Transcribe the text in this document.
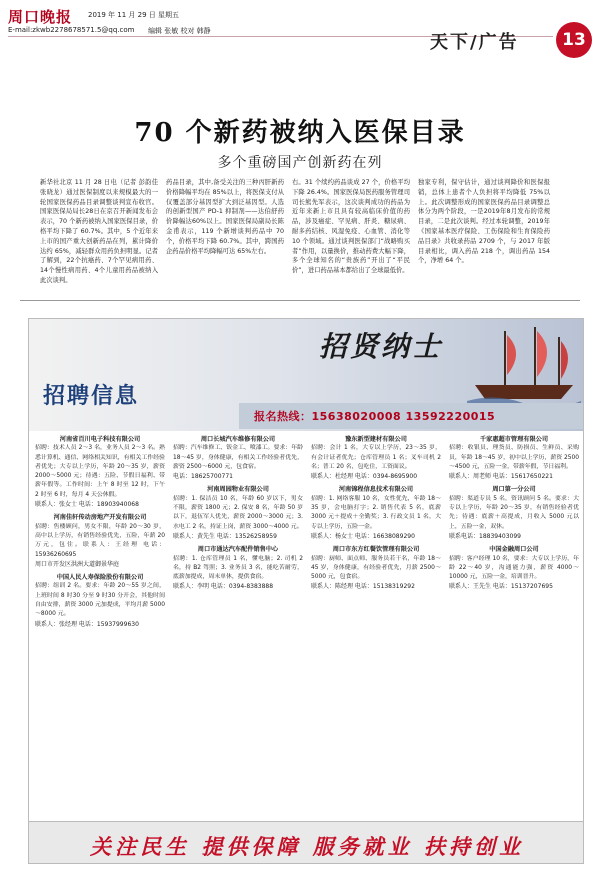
周口晚报 2019 年 11 月 29 日 星期五
E-mail:zkwb2278678571.5@qq.com 编辑 张敏 校对 韩静
天下/广告	13
70 个新药被纳入医保目录
多个重磅国产创新药在列
新华社北京 11 月 28 日电（记者 彭韵佳 张晓龙）通过医保制度以来规模最大的一轮国家医保药品目录调整谈判宣布收官。国家医保局局长28日在京召开新闻发布会表示，70 个新药被纳入国家医保目录，价格平均下降了 60.7%。其中，5 个近年来上市的国产重大创新药品在列，累计降价达约 65%，减轻群众用药负担明显。记者了解到，22个抗癌药、7个罕见病用药、14个慢性病用药、4个儿童用药品被纳入此次谈判。
药品目录，其中,备受关注的三种丙肝新药价格降幅平均在 85%以上，将医保支付从仅覆盖部分基因型扩大到泛基因型。人选的创新型国产 PD-1 抑制剂——达伯舒药价降幅达60%以上。国家医保局副局长陈金甫表示，119 个新增谈判药品中 70 个，价格平均下降 60.7%。其中，跨国药企药品价格平均降幅可达 65%左右。
右。31 个续约药品谈成 27 个，价格平均下降 26.4%。国家医保局医药服务管理司司长熊先军表示，这次谈判成功的药品为近年来新上市且具有较高临床价值的药品，涉及癌症、罕见病、肝炎、糖尿病、耐多药结核、风湿免疫、心血管、消化等 10 个领域。通过谈判医保部门“战略购买者”作用，以量换价，推动药费大幅下降，多个全球知名的“贵族药”开出了“平民价”，进口药品基本都给出了全球最低价。
独家专利，保守估计，通过谈判降价和医保报销，总体上患者个人负担将平均降低 75%以上。此次调整形成的国家医保药品目录调整总体分为两个阶段，一是2019年8月发布的常规目录，二是此次谈判。经过本轮调整，2019年《国家基本医疗保险、工伤保险和生育保险药品目录》共收录药品 2709 个，与 2017 年版目录相比，调入药品 218 个，调出药品 154 个，净增 64 个。
招贤纳士
招聘信息
报名热线：15638020008 13592220015
河南省百川电子科技有限公司
招聘：技术人员 2～3 名，业务人员 2～3 名。熟悉计算机、通信、网络相关知识，有相关工作经验者优先；大专以上学历，年龄 20～35 岁，薪资 2000～5000 元；待遇：五险、节假日福利、带薪年假等。工作时间：上午 8 时至 12 时，下午 2 时至 6 时，每月 4 天公休假。
联系人：张女士 电话：18903940068
河南佳轩传动房地产开发有限公司
招聘：售楼顾问，男女不限，年龄 20～30 岁，高中以上学历，有销售经验优先，五险，年薪 20 万元，包住。联系人：王经理 电话：15936260695
周口市开发区洪洲大道御景华庭
中国人民人寿保险股份有限公司
招聘：组训 2 名。要求：年龄 20～55 岁之间，上班时间 8 时30 分至 9 时30 分开会，其他时间自由安排，薪资 3000 元加提成，平均月薪 5000～8000 元。
联系人：张经理 电话：15937999630
周口长城汽车维修有限公司
招聘：汽车维修工、钣金工、喷漆工。要求：年龄 18～45 岁，身体健康，有相关工作经验者优先，薪资 2500～6000 元，包食宿。
电话：18625700771
河南周园物业有限公司
招聘：1. 保洁员 10 名，年龄 60 岁以下，男女不限，薪资 1800 元；2. 保安 8 名，年龄 50 岁以下，退伍军人优先，薪资 2000～3000 元；3. 水电工 2 名，持证上岗，薪资 3000～4000 元。
联系人：黄先生 电话：13526258959
周口市通达汽车配件销售中心
招聘：1. 仓库管理员 1 名，懂电脑；2. 司机 2 名，持 B2 驾照；3. 业务员 3 名，能吃苦耐劳，底薪加提成，周末单休，提供食宿。
联系人：李明 电话：0394-8383888
豫东新型建材有限公司
招聘：会计 1 名，大专以上学历，23～35 岁，有会计证者优先；仓库管理员 1 名；叉车司机 2 名；普工 20 名，包吃住，工资面议。
联系人：杜经理 电话：0394-8695900
河南锦程信息技术有限公司
招聘：1. 网络客服 10 名，女性优先，年龄 18～35 岁，会电脑打字；2. 销售代表 5 名，底薪 3000 元＋提成＋全勤奖；3. 行政文员 1 名，大专以上学历，五险一金。
联系人：杨女士 电话：16638089290
周口市东方红餐饮管理有限公司
招聘：厨师、面点师、服务员若干名，年龄 18～45 岁，身体健康，有经验者优先，月薪 2500～5000 元，包食宿。
联系人：陈经理 电话：15138319292
千家惠超市管理有限公司
招聘：收银员、理货员、防损员、生鲜员、采购员，年龄 18～45 岁，初中以上学历，薪资 2500～4500 元，五险一金，带薪年假，节日福利。
联系人：周老师 电话：15617650221
周口第一分公司
招聘：渠道专员 5 名，资讯顾问 5 名。要求：大专以上学历，年龄 20～35 岁，有销售经验者优先；待遇：底薪＋高提成，月收入 5000 元以上，五险一金，双休。
联系电话：18839403099
中国金融周口公司
招聘：客户经理 10 名，要求：大专以上学历，年龄 22～40 岁，沟通能力强，薪资 4000～10000 元，五险一金，培训晋升。
联系人：王先生 电话：15137207695
关注民生 提供保障 服务就业 扶持创业
